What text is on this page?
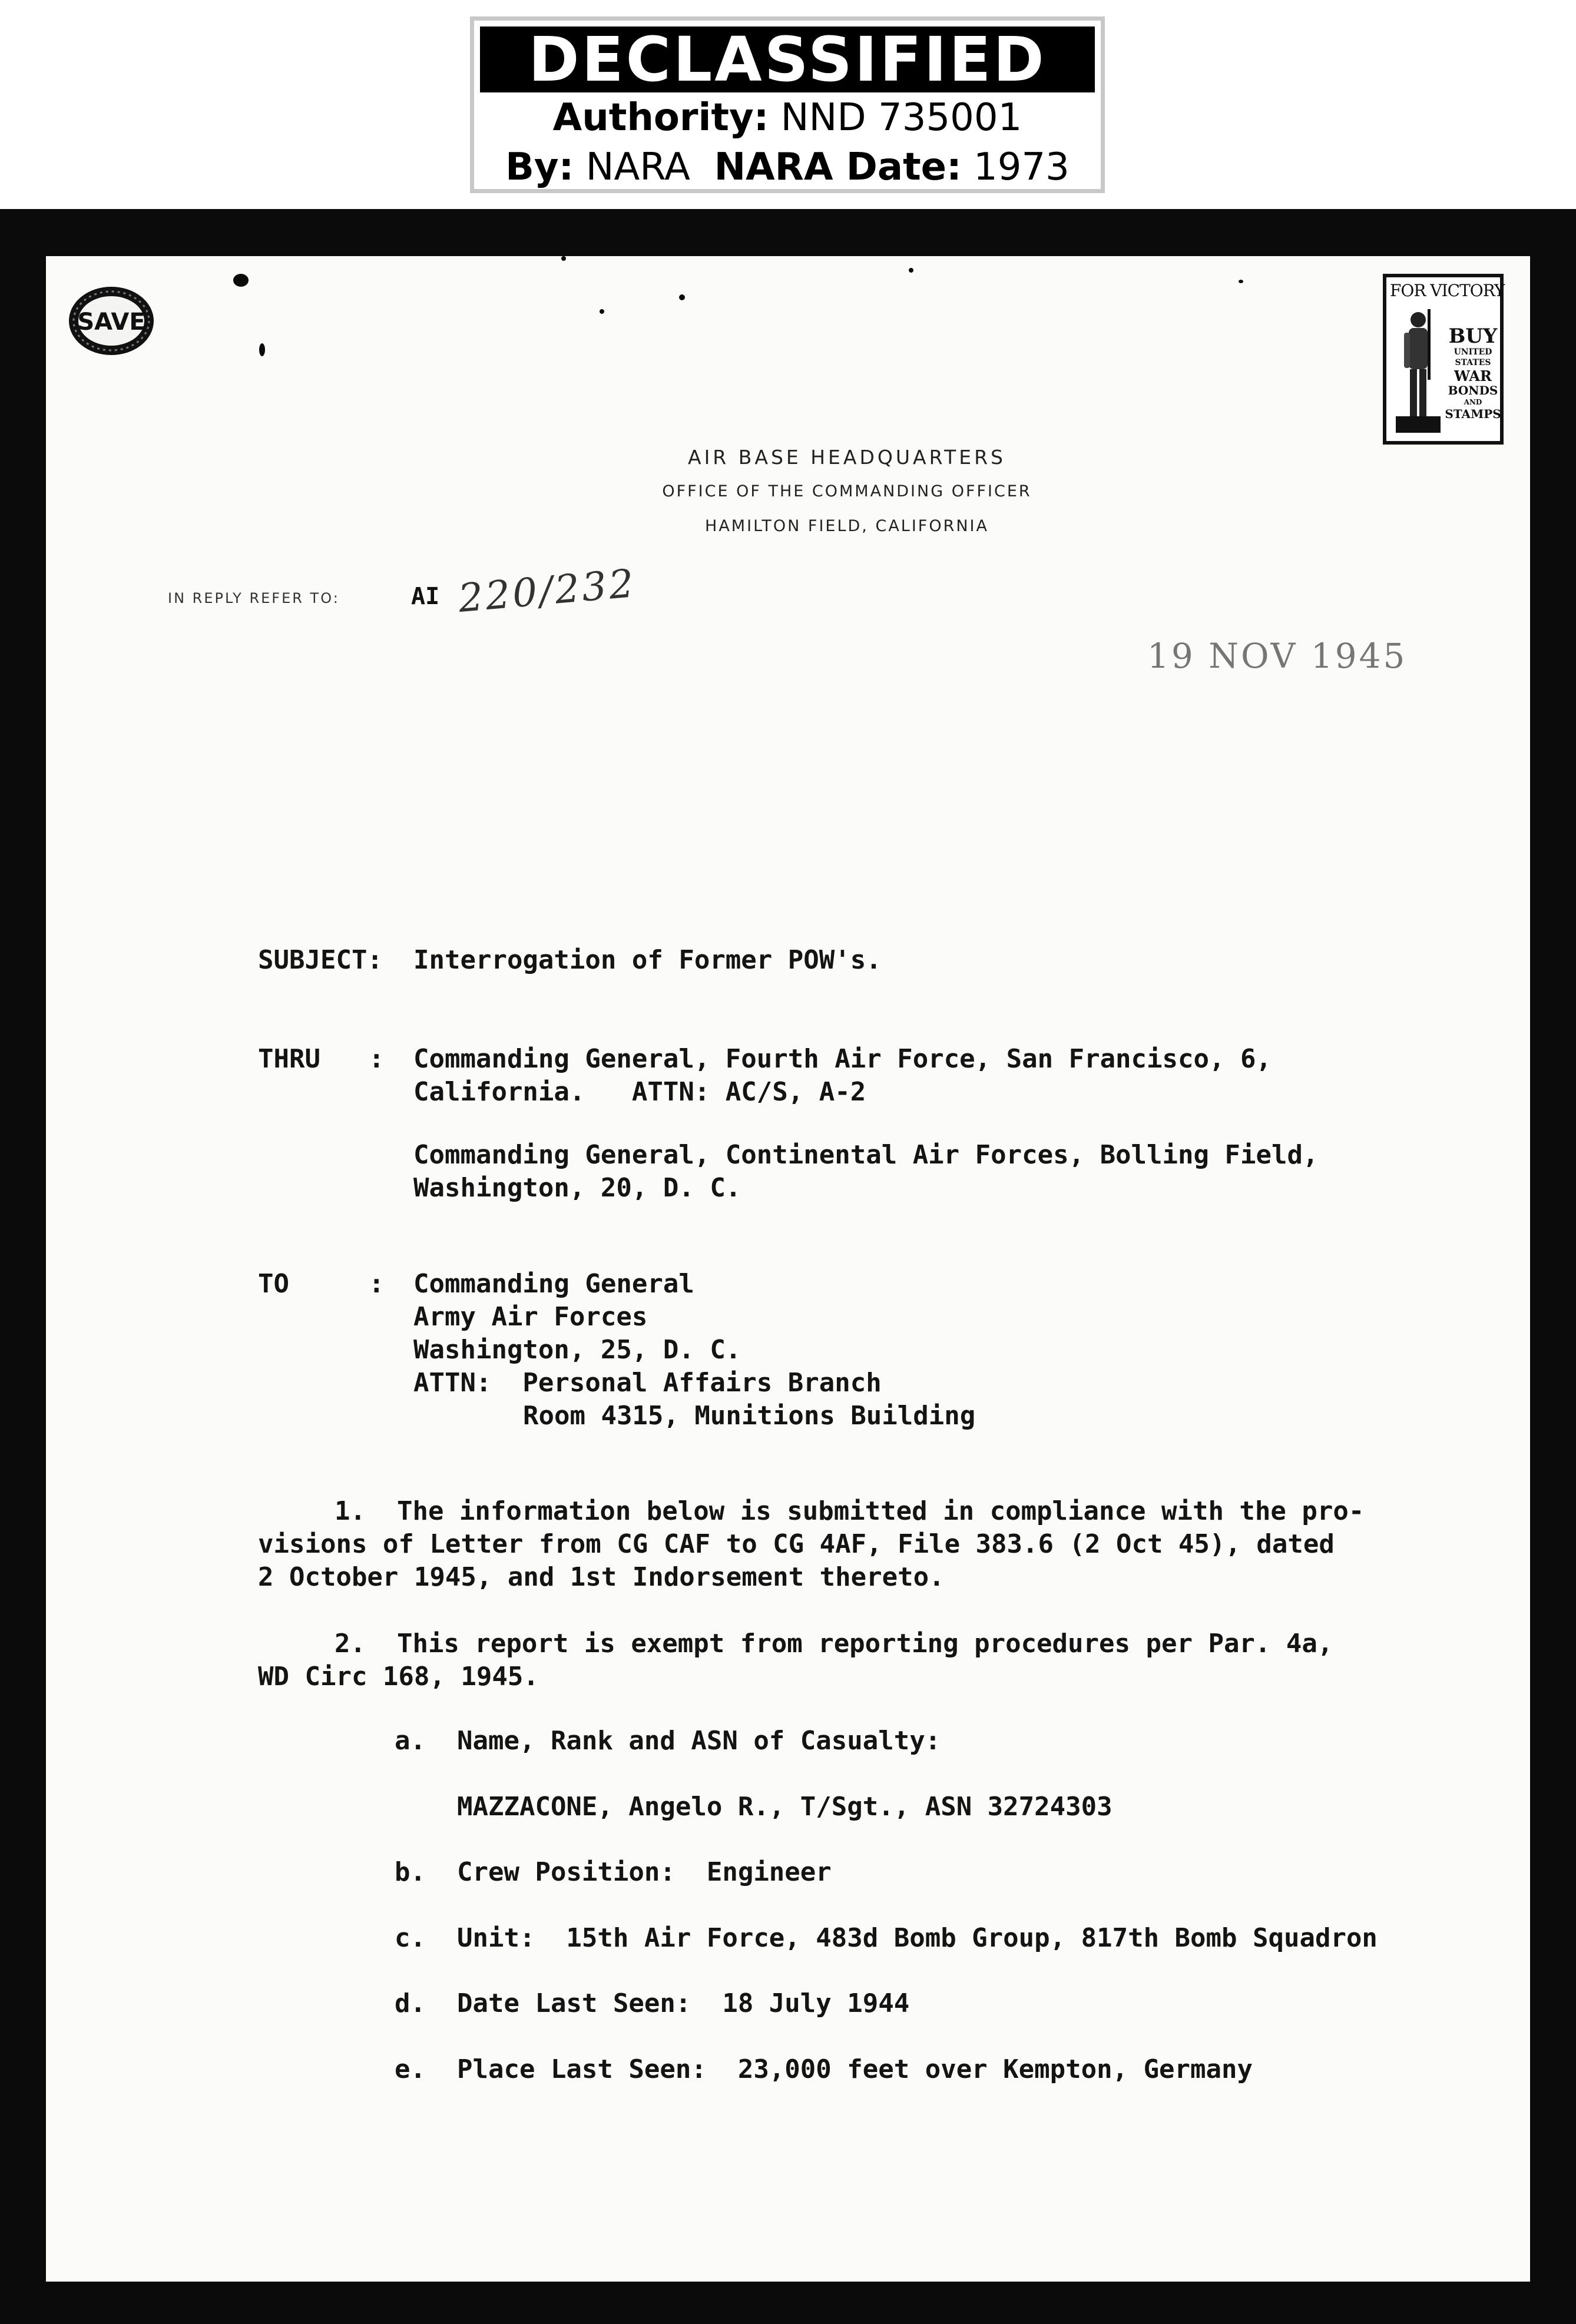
DECLASSIFIED
Authority: NND 735001
By: NARA NARA Date: 1973
SAVE
FOR VICTORY
BUY
UNITED
STATES
WAR
BONDS
AND
STAMPS
AIR BASE HEADQUARTERS
OFFICE OF THE COMMANDING OFFICER
HAMILTON FIELD, CALIFORNIA
IN REPLY REFER TO:	AI 220/232
19 NOV 1945
SUBJECT: Interrogation of Former POW's.
THRU : Commanding General, Fourth Air Force, San Francisco, 6,
California.   ATTN: AC/S, A-2
Commanding General, Continental Air Forces, Bolling Field,
Washington, 20, D. C.
TO	: Commanding General
Army Air Forces
Washington, 25, D. C.
ATTN:  Personal Affairs Branch
Room 4315, Munitions Building
1.  The information below is submitted in compliance with the pro-
visions of Letter from CG CAF to CG 4AF, File 383.6 (2 Oct 45), dated
2 October 1945, and 1st Indorsement thereto.
2.  This report is exempt from reporting procedures per Par. 4a,
WD Circ 168, 1945.
a. Name, Rank and ASN of Casualty:
MAZZACONE, Angelo R., T/Sgt., ASN 32724303
b. Crew Position:  Engineer
c. Unit:  15th Air Force, 483d Bomb Group, 817th Bomb Squadron
d. Date Last Seen:  18 July 1944
e. Place Last Seen:  23,000 feet over Kempton, Germany
